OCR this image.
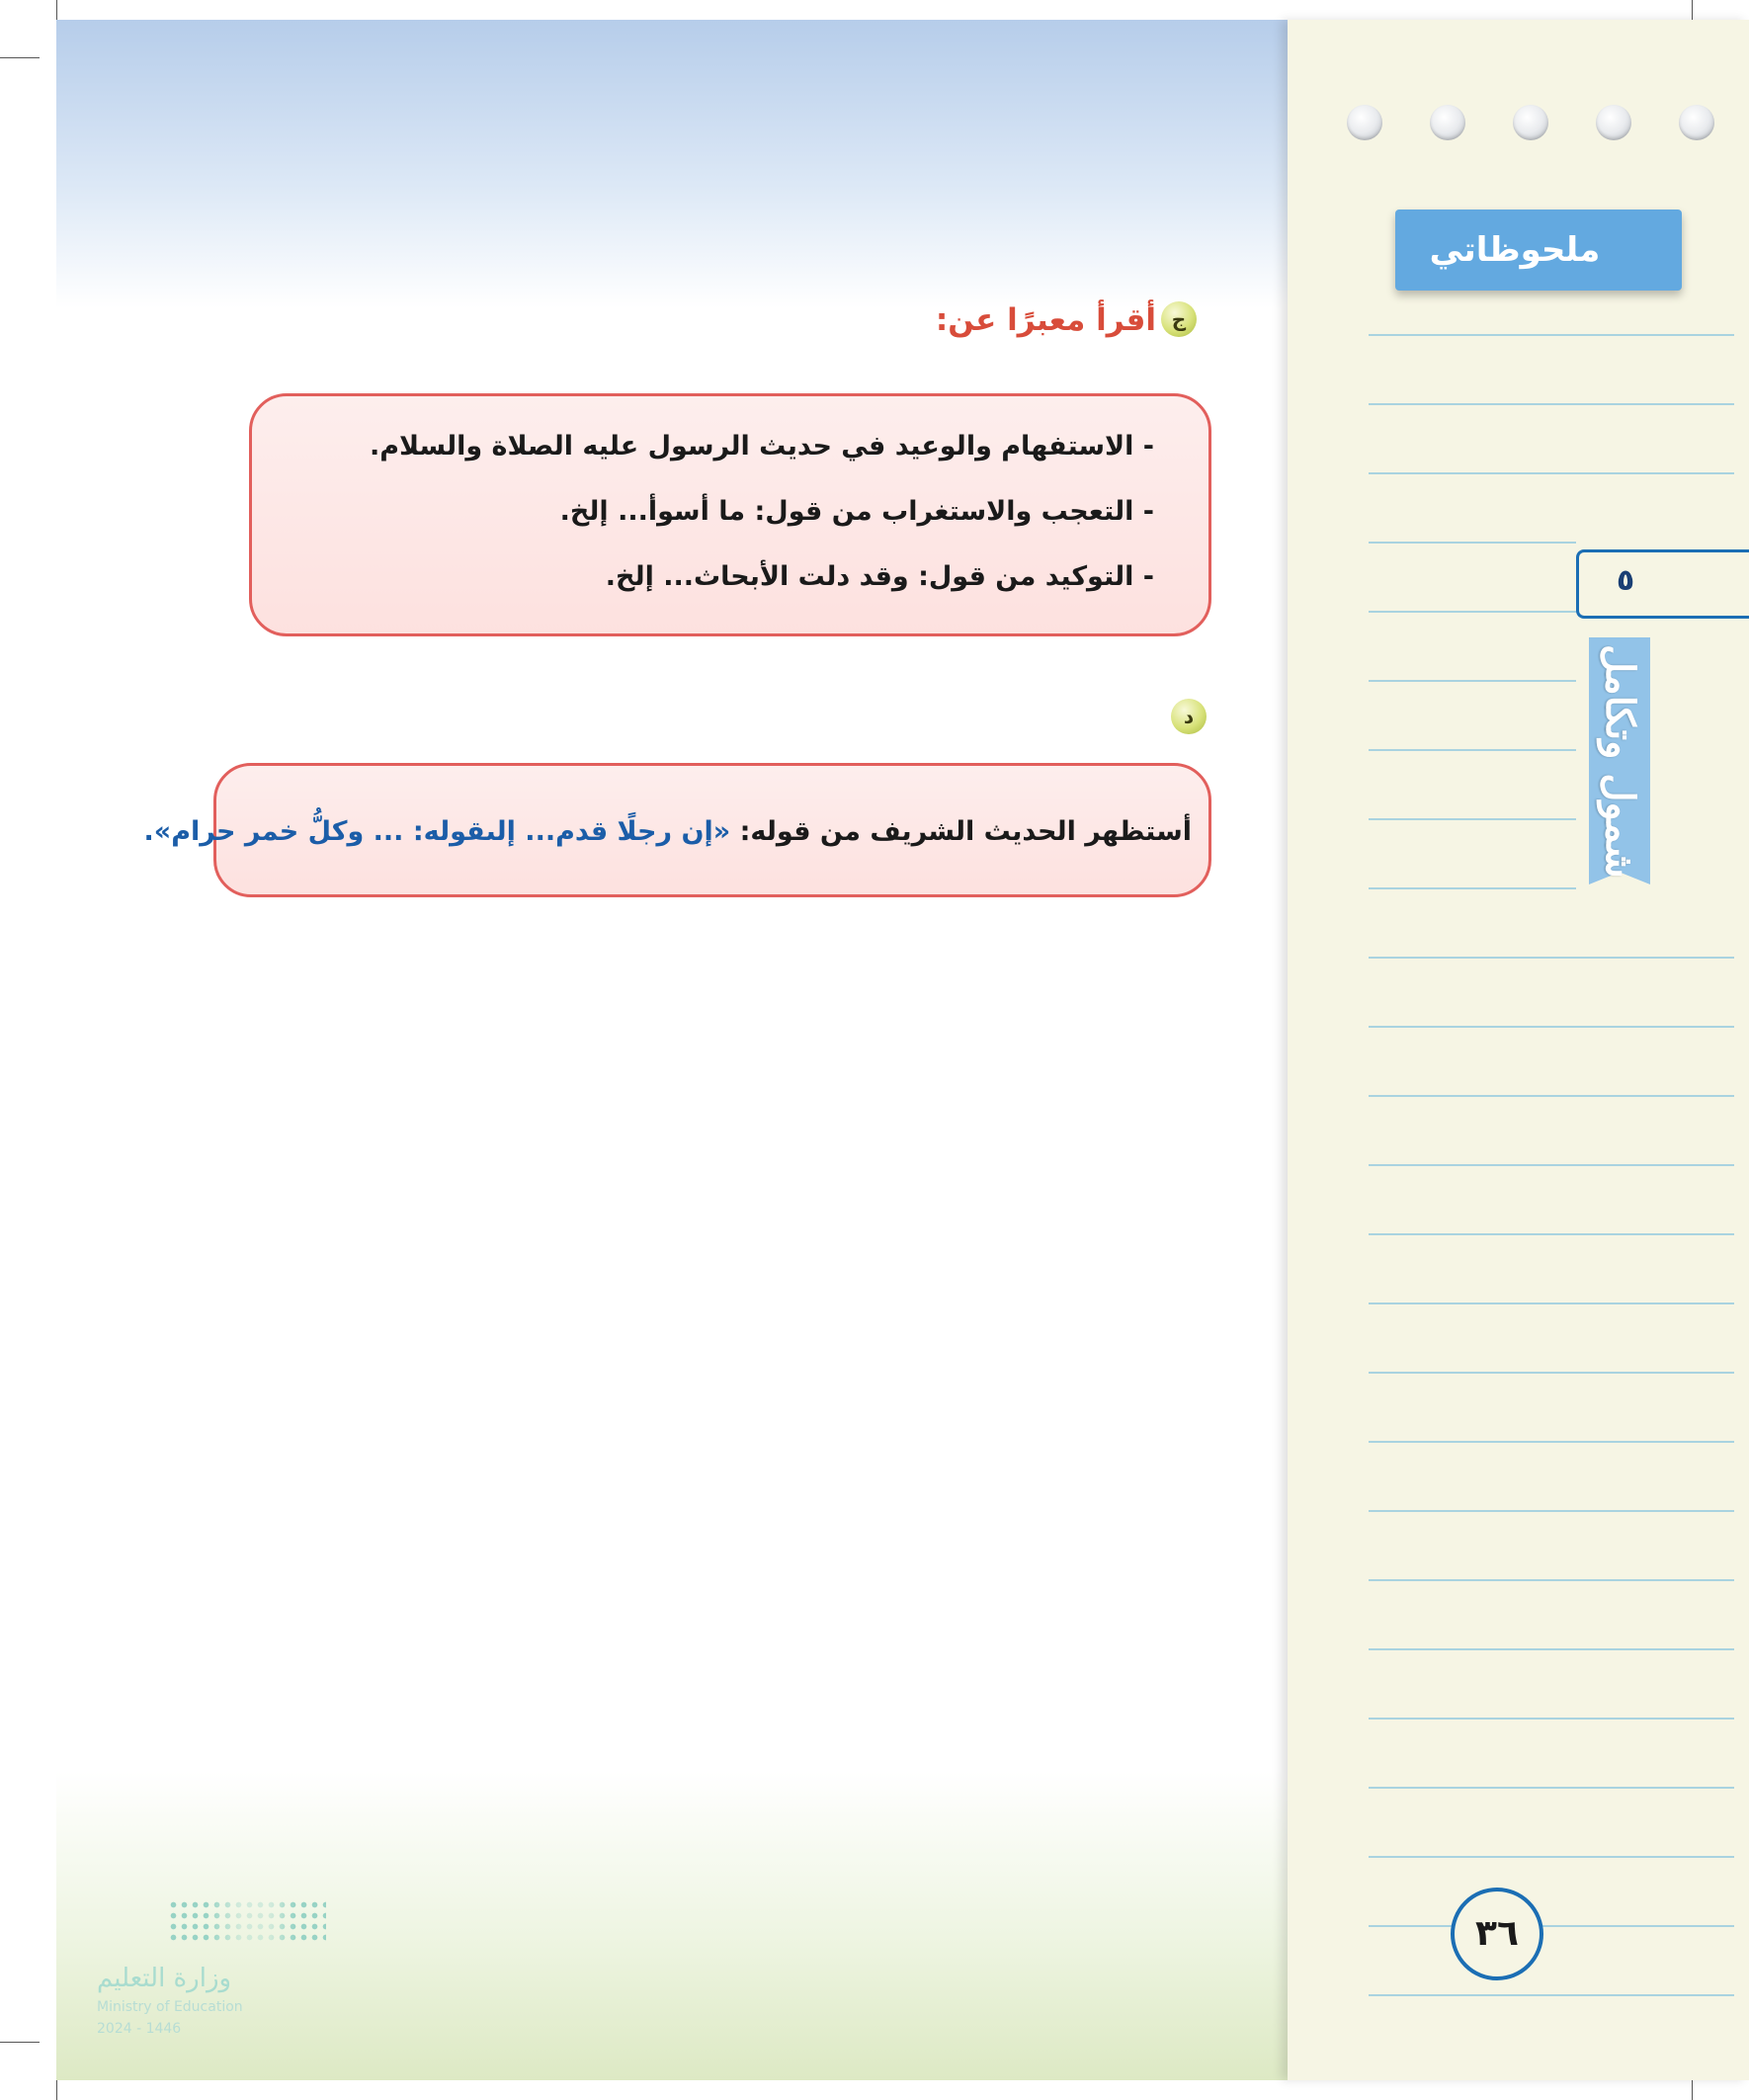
ملحوظاتي
٥
شمول وتكامل
٣٦
ج
أقرأ معبرًا عن:
- الاستفهام والوعيد في حديث الرسول عليه الصلاة والسلام.
- التعجب والاستغراب من قول: ما أسوأ... إلخ.
- التوكيد من قول: وقد دلت الأبحاث... إلخ.
د
أستظهر الحديث الشريف من قوله: «إن رجلًا قدم... إلىقوله: ... وكلُّ خمر حرام».
وزارة التعليم
Ministry of Education
2024 - 1446
